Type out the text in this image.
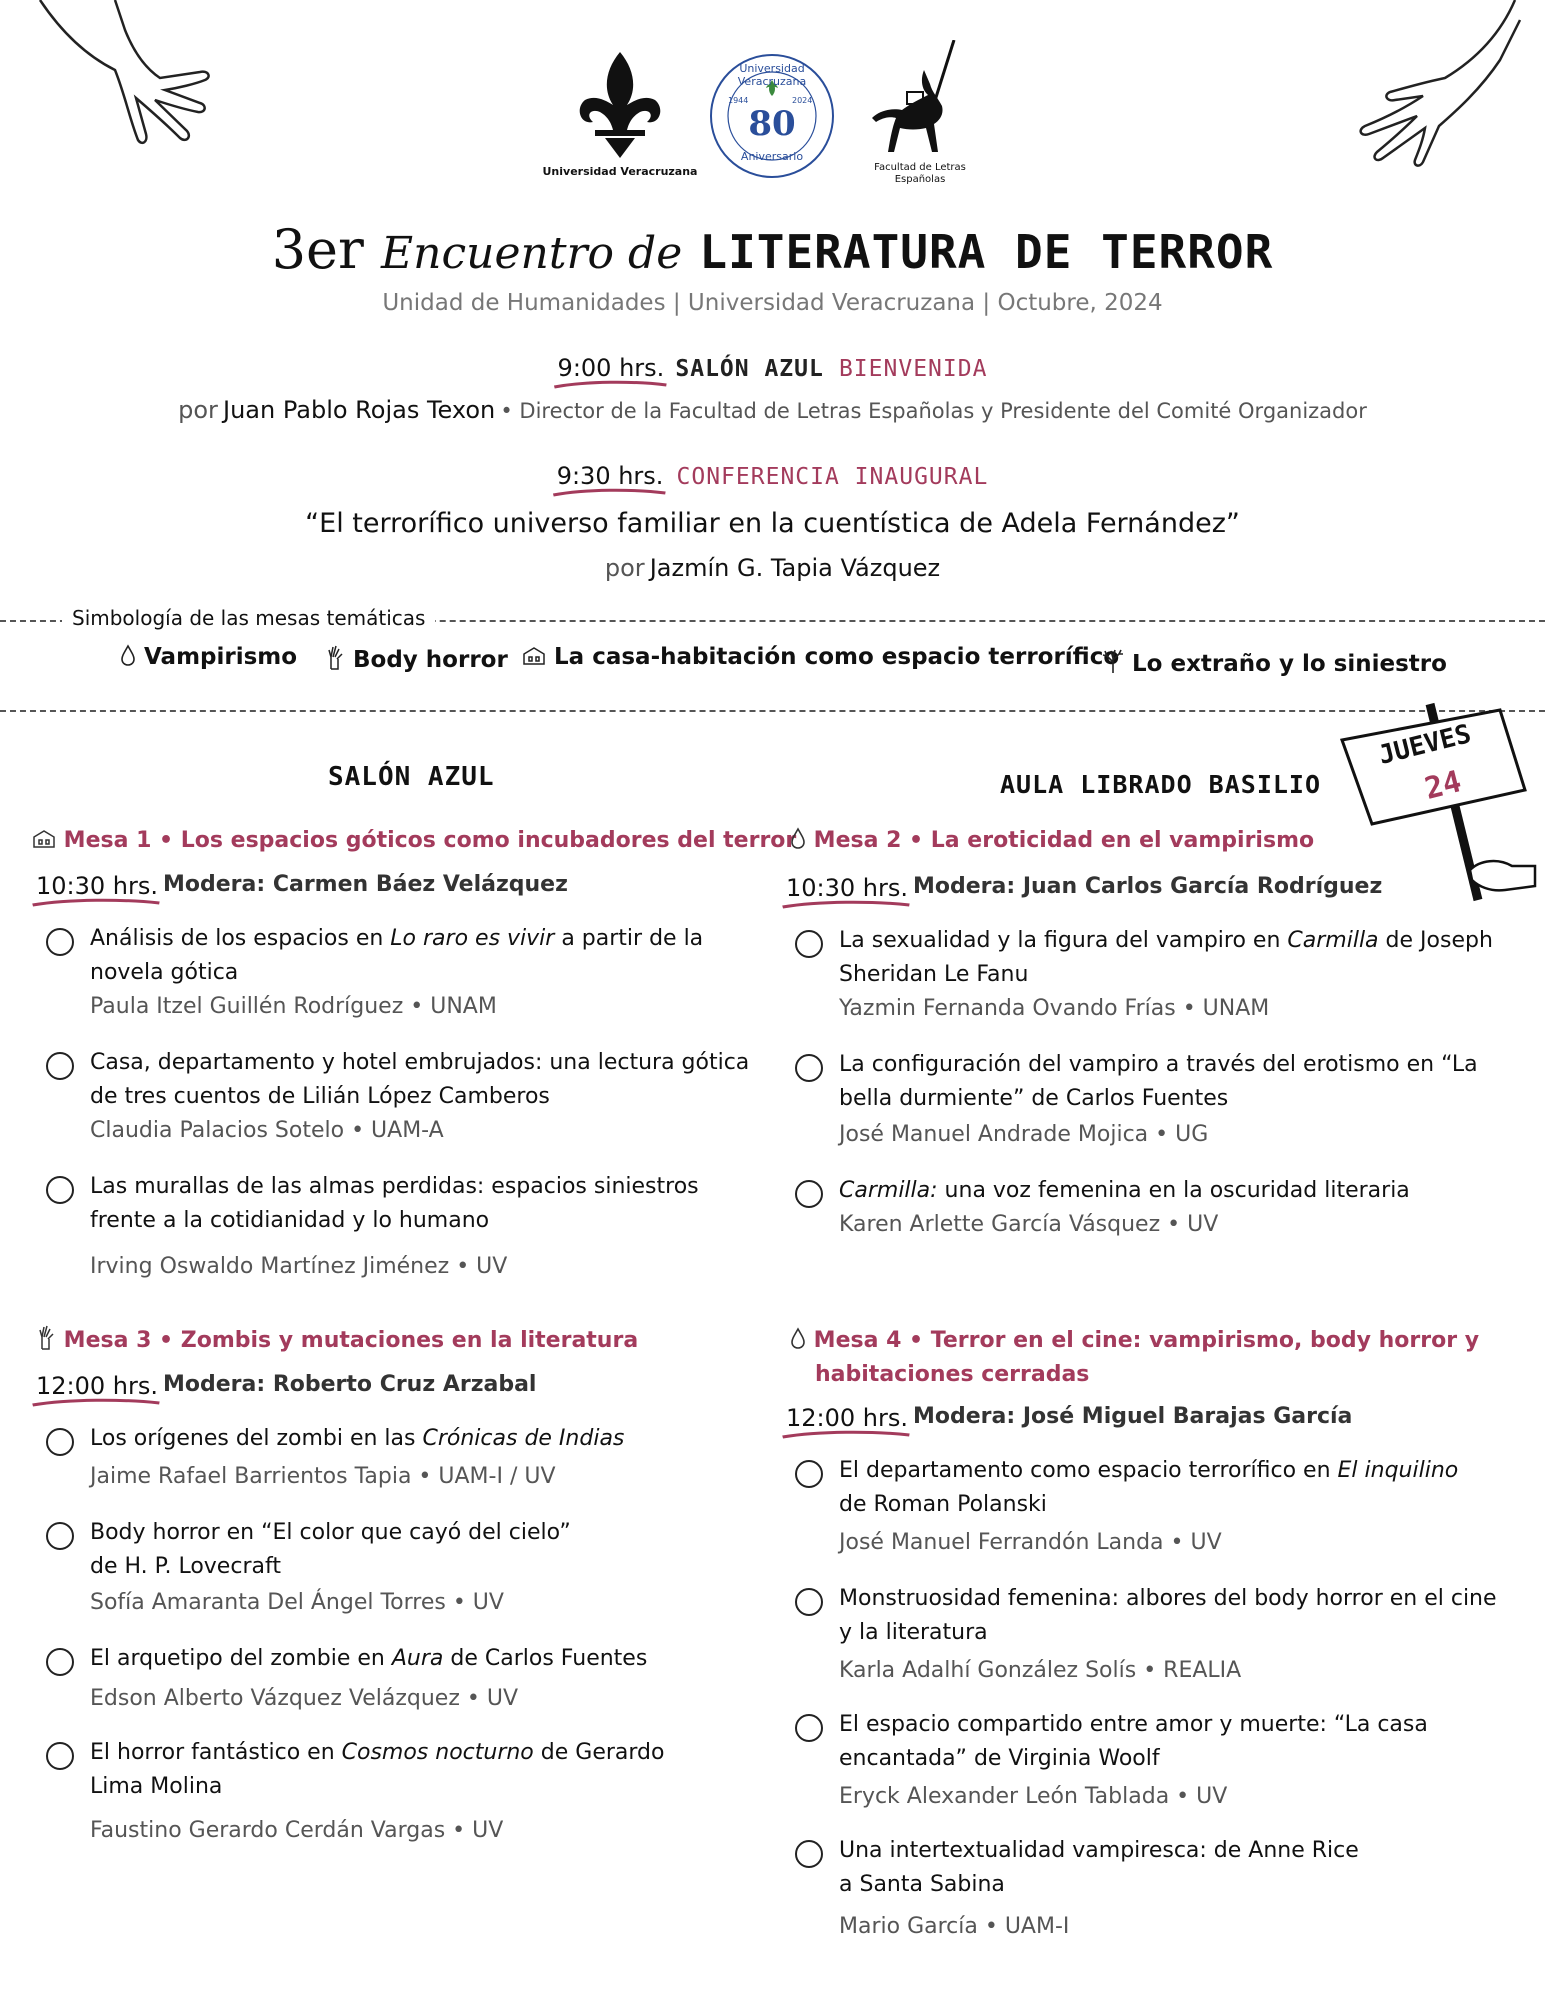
Universidad Veracruzana
Universidad Veracruzana
1944	2024
80
Aniversario
Facultad de Letras
Españolas
3er Encuentro de LITERATURA DE TERROR
Unidad de Humanidades | Universidad Veracruzana | Octubre, 2024
9:00 hrs. SALÓN AZUL BIENVENIDA
por Juan Pablo Rojas Texon • Director de la Facultad de Letras Españolas y Presidente del Comité Organizador
9:30 hrs. CONFERENCIA INAUGURAL
“El terrorífico universo familiar en la cuentística de Adela Fernández”
por Jazmín G. Tapia Vázquez
Simbología de las mesas temáticas
Vampirismo	Body horror	La casa-habitación como espacio terrorífico Lo extraño y lo siniestro
JUEVES
24
SALÓN AZUL	AULA LIBRADO BASILIO
Mesa 1 • Los espacios góticos como incubadores del terror
10:30 hrs. Modera: Carmen Báez Velázquez
Análisis de los espacios en Lo raro es vivir a partir de la
novela gótica
Paula Itzel Guillén Rodríguez • UNAM
Casa, departamento y hotel embrujados: una lectura gótica
de tres cuentos de Lilián López Camberos
Claudia Palacios Sotelo • UAM-A
Las murallas de las almas perdidas: espacios siniestros
frente a la cotidianidad y lo humano
Irving Oswaldo Martínez Jiménez • UV
Mesa 2 • La eroticidad en el vampirismo
10:30 hrs. Modera: Juan Carlos García Rodríguez
La sexualidad y la figura del vampiro en Carmilla de Joseph
Sheridan Le Fanu
Yazmin Fernanda Ovando Frías • UNAM
La configuración del vampiro a través del erotismo en “La
bella durmiente” de Carlos Fuentes
José Manuel Andrade Mojica • UG
Carmilla: una voz femenina en la oscuridad literaria
Karen Arlette García Vásquez • UV
Mesa 3 • Zombis y mutaciones en la literatura
12:00 hrs. Modera: Roberto Cruz Arzabal
Los orígenes del zombi en las Crónicas de Indias
Jaime Rafael Barrientos Tapia • UAM-I / UV
Body horror en “El color que cayó del cielo”
de H. P. Lovecraft
Sofía Amaranta Del Ángel Torres • UV
El arquetipo del zombie en Aura de Carlos Fuentes
Edson Alberto Vázquez Velázquez • UV
El horror fantástico en Cosmos nocturno de Gerardo
Lima Molina
Faustino Gerardo Cerdán Vargas • UV
Mesa 4 • Terror en el cine: vampirismo, body horror y
habitaciones cerradas
12:00 hrs. Modera: José Miguel Barajas García
El departamento como espacio terrorífico en El inquilino
de Roman Polanski
José Manuel Ferrandón Landa • UV
Monstruosidad femenina: albores del body horror en el cine
y la literatura
Karla Adalhí González Solís • REALIA
El espacio compartido entre amor y muerte: “La casa
encantada” de Virginia Woolf
Eryck Alexander León Tablada • UV
Una intertextualidad vampiresca: de Anne Rice
a Santa Sabina
Mario García • UAM-I
